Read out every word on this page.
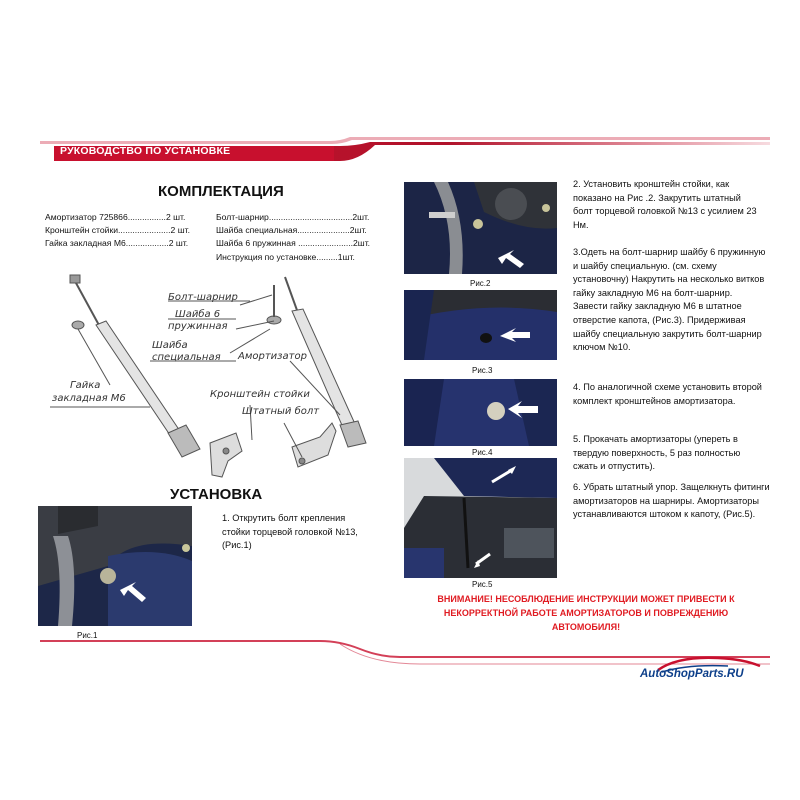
РУКОВОДСТВО ПО УСТАНОВКЕ
КОМПЛЕКТАЦИЯ
Амортизатор 725866................2 шт.
Кронштейн стойки......................2 шт.
Гайка закладная М6..................2 шт.
Болт-шарнир...................................2шт.
Шайба специальная......................2шт.
Шайба 6 пружинная .......................2шт.
Инструкция по установке.........1шт.
Болт-шарнир
Шайба 6
пружинная
Шайба
специальная Амортизатор
Гайка
закладная М6	Кронштейн стойки
Штатный болт
УСТАНОВКА
Рис.1
1. Открутить болт крепления стойки торцевой головкой №13, (Рис.1)
Рис.2
Рис.3
Рис.4
Рис.5
2. Установить кронштейн стойки, как показано на Рис .2. Закрутить штатный болт торцевой головкой №13 с усилием 23 Нм.
3.Одеть на болт-шарнир шайбу 6 пружинную и шайбу специальную. (см. схему установочну) Накрутить на несколько витков гайку закладную М6 на болт-шарнир. Завести гайку закладную М6 в штатное отверстие капота, (Рис.3). Придерживая шайбу специальную закрутить болт-шарнир ключом №10.
4. По аналогичной схеме установить второй комплект кронштейнов амортизатора.
5. Прокачать амортизаторы (упереть в твердую поверхность, 5 раз полностью сжать и отпустить).
6. Убрать штатный упор. Защелкнуть фитинги амортизаторов на шарниры. Амортизаторы устанавливаются штоком к капоту, (Рис.5).
ВНИМАНИЕ! НЕСОБЛЮДЕНИЕ ИНСТРУКЦИИ МОЖЕТ ПРИВЕСТИ К НЕКОРРЕКТНОЙ РАБОТЕ АМОРТИЗАТОРОВ И ПОВРЕЖДЕНИЮ АВТОМОБИЛЯ!
AutoShopParts.RU
